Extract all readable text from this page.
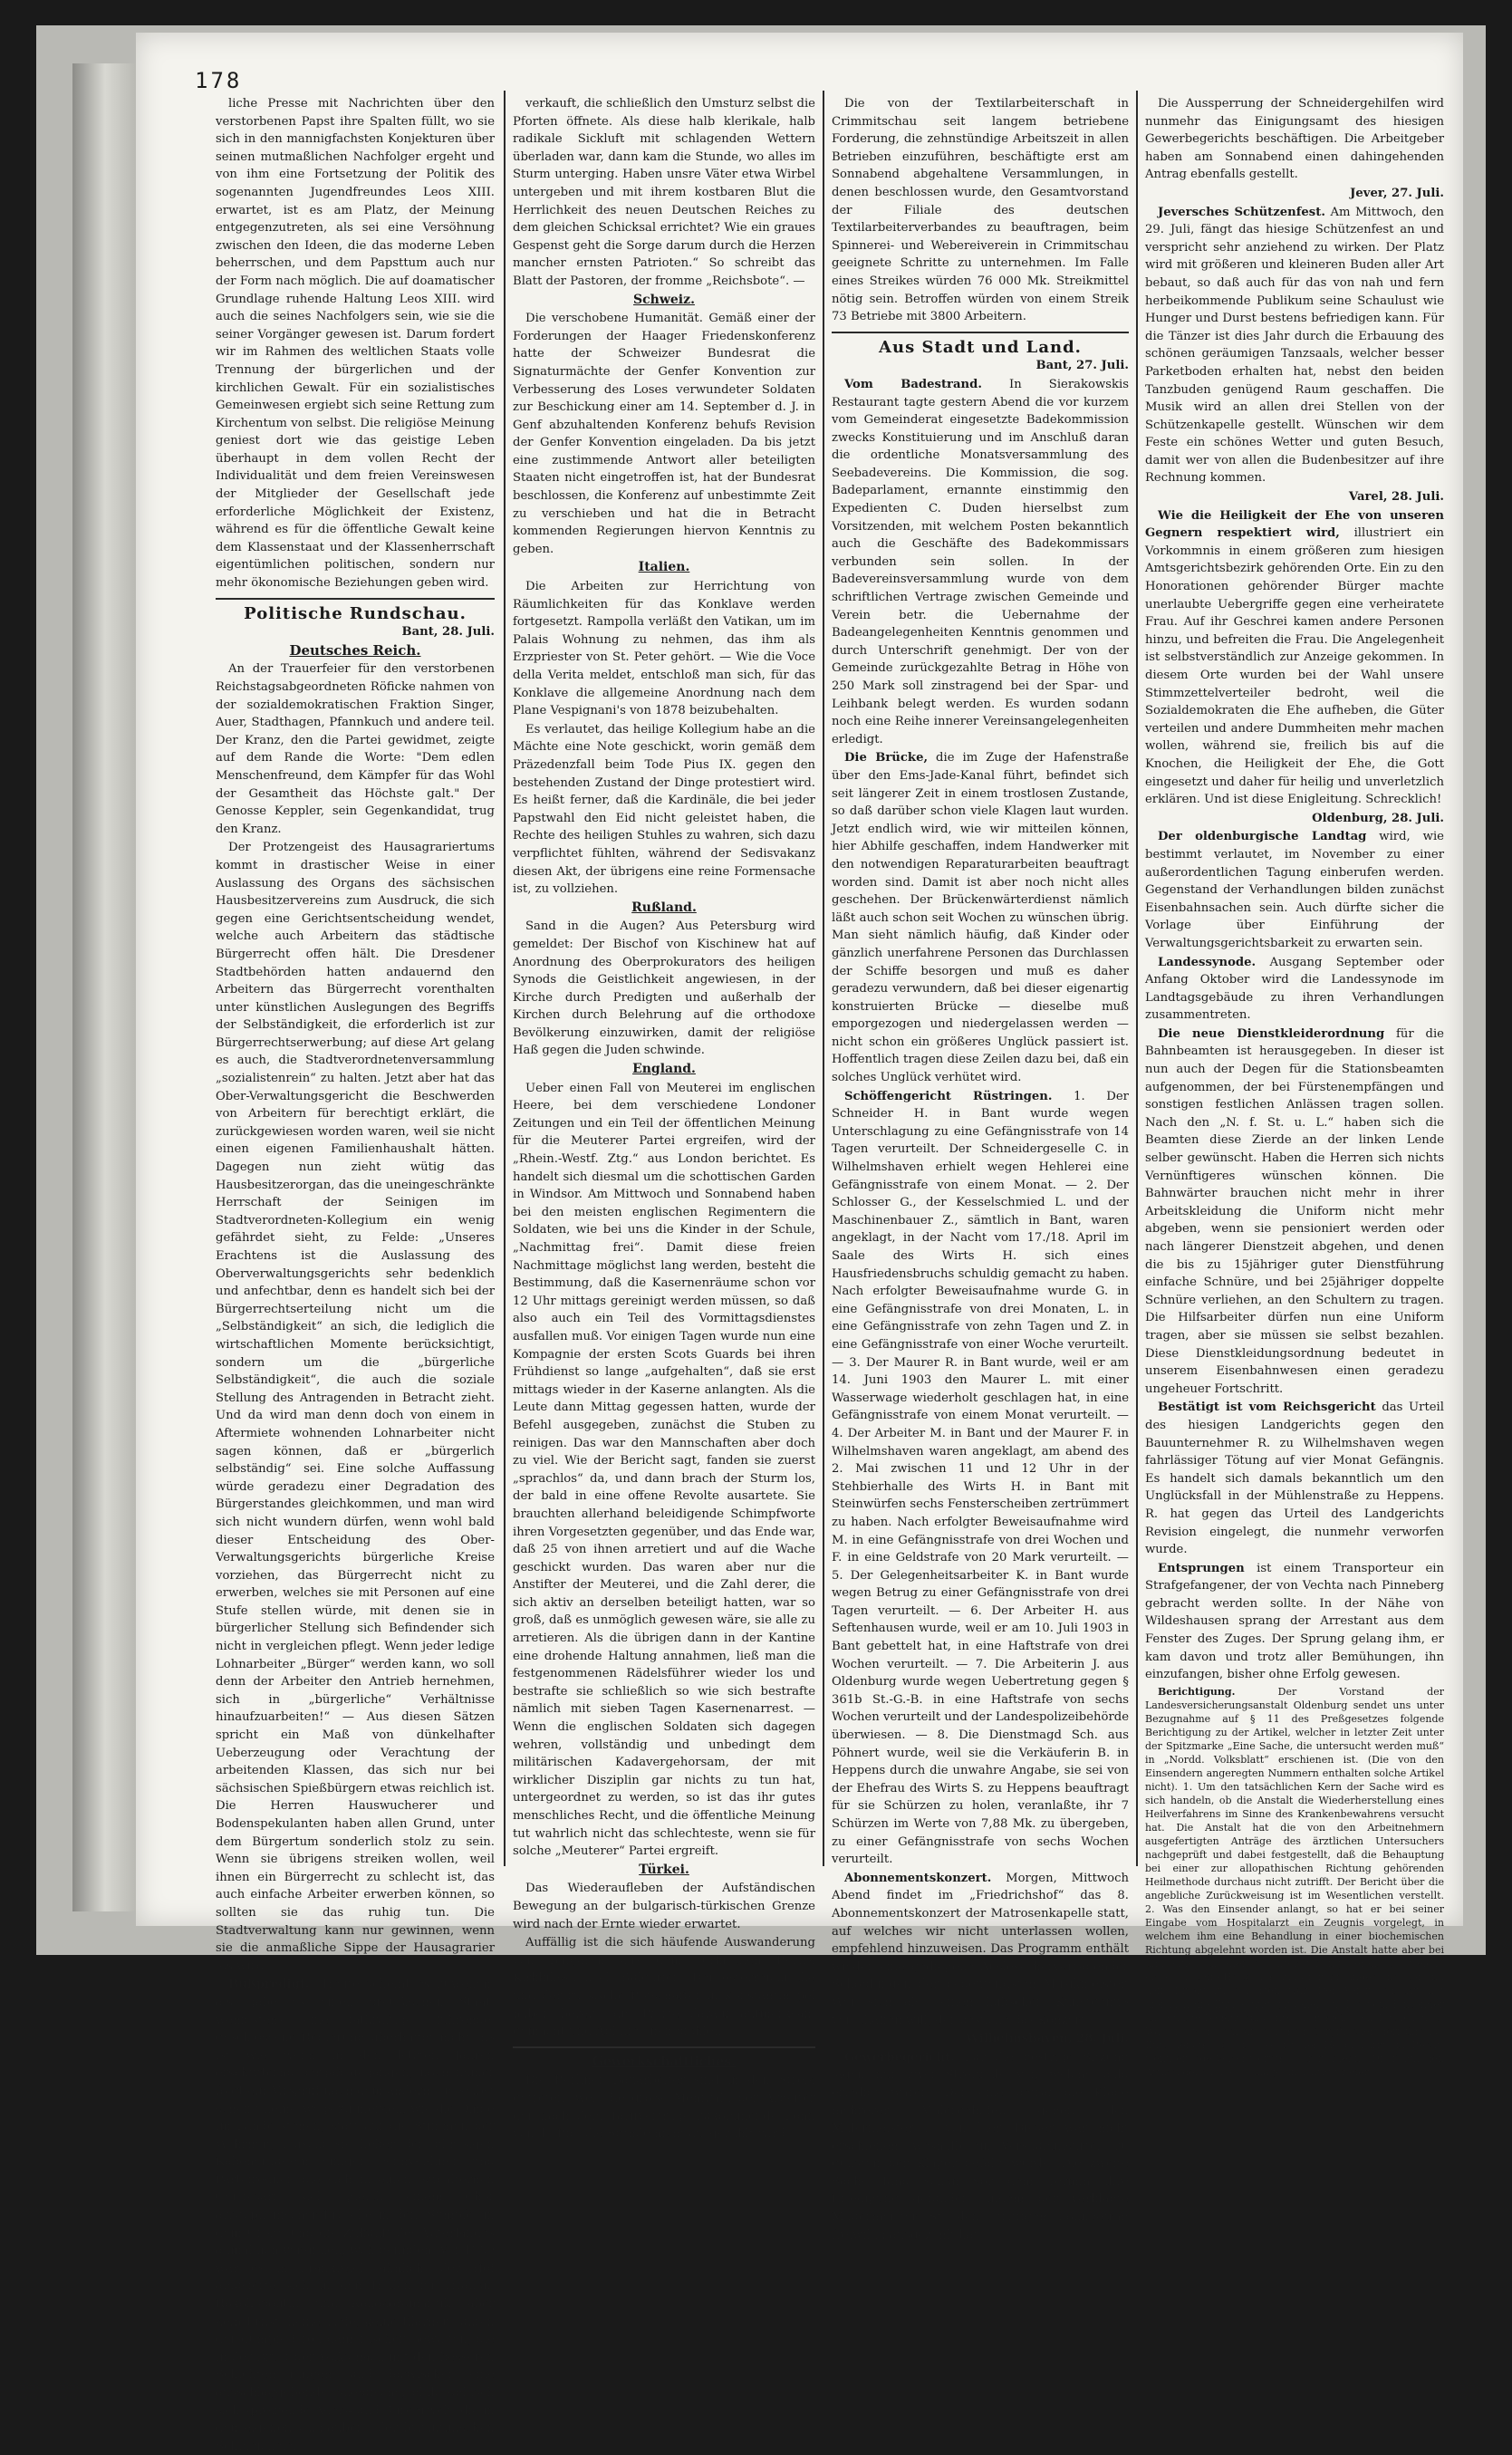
178

liche Presse mit Nachrichten über den verstorbenen Papst ihre Spalten füllt, wo sie sich in den mannigfachsten Konjekturen über seinen mutmaßlichen Nachfolger ergeht und von ihm eine Fortsetzung der Politik des sogenannten Jugendfreundes Leos XIII. erwartet, ist es am Platz, der Meinung entgegenzutreten, als sei eine Versöhnung zwischen den Ideen, die das moderne Leben beherrschen, und dem Papsttum auch nur der Form nach möglich. Die auf doamatischer Grundlage ruhende Haltung Leos XIII. wird auch die seines Nachfolgers sein, wie sie die seiner Vorgänger gewesen ist. Darum fordert wir im Rahmen des weltlichen Staats volle Trennung der bürgerlichen und der kirchlichen Gewalt. Für ein sozialistisches Gemeinwesen ergiebt sich seine Rettung zum Kirchentum von selbst. Die religiöse Meinung geniest dort wie das geistige Leben überhaupt in dem vollen Recht der Individualität und dem freien Vereinswesen der Mitglieder der Gesellschaft jede erforderliche Möglichkeit der Existenz, während es für die öffentliche Gewalt keine dem Klassenstaat und der Klassenherrschaft eigentümlichen politischen, sondern nur mehr ökonomische Beziehungen geben wird.

Politische Rundschau.

Bant, 28. Juli.

Deutsches Reich.

An der Trauerfeier für den verstorbenen Reichstagsabgeordneten Röficke nahmen von der sozialdemokratischen Fraktion Singer, Auer, Stadthagen, Pfannkuch und andere teil. Der Kranz, den die Partei gewidmet, zeigte auf dem Rande die Worte: "Dem edlen Menschenfreund, dem Kämpfer für das Wohl der Gesamtheit das Höchste galt." Der Genosse Keppler, sein Gegenkandidat, trug den Kranz.

Der Protzengeist des Hausagrariertums kommt in drastischer Weise in einer Auslassung des Organs des sächsischen Hausbesitzervereins zum Ausdruck, die sich gegen eine Gerichtsentscheidung wendet, welche auch Arbeitern das städtische Bürgerrecht offen hält. Die Dresdener Stadtbehörden hatten andauernd den Arbeitern das Bürgerrecht vorenthalten unter künstlichen Auslegungen des Begriffs der Selbständigkeit, die erforderlich ist zur Bürgerrechtserwerbung; auf diese Art gelang es auch, die Stadtverordnetenversammlung „sozialistenrein“ zu halten. Jetzt aber hat das Ober-Verwaltungsgericht die Beschwerden von Arbeitern für berechtigt erklärt, die zurückgewiesen worden waren, weil sie nicht einen eigenen Familienhaushalt hätten. Dagegen nun zieht wütig das Hausbesitzerorgan, das die uneingeschränkte Herrschaft der Seinigen im Stadtverordneten-Kollegium ein wenig gefährdet sieht, zu Felde: „Unseres Erachtens ist die Auslassung des Oberverwaltungsgerichts sehr bedenklich und anfechtbar, denn es handelt sich bei der Bürgerrechtserteilung nicht um die „Selbständigkeit“ an sich, die lediglich die wirtschaftlichen Momente berücksichtigt, sondern um die „bürgerliche Selbständigkeit“, die auch die soziale Stellung des Antragenden in Betracht zieht. Und da wird man denn doch von einem in Aftermiete wohnenden Lohnarbeiter nicht sagen können, daß er „bürgerlich selbständig“ sei. Eine solche Auffassung würde geradezu einer Degradation des Bürgerstandes gleichkommen, und man wird sich nicht wundern dürfen, wenn wohl bald dieser Entscheidung des Ober-Verwaltungsgerichts bürgerliche Kreise vorziehen, das Bürgerrecht nicht zu erwerben, welches sie mit Personen auf eine Stufe stellen würde, mit denen sie in bürgerlicher Stellung sich Befindender sich nicht in vergleichen pflegt. Wenn jeder ledige Lohnarbeiter „Bürger“ werden kann, wo soll denn der Arbeiter den Antrieb hernehmen, sich in „bürgerliche“ Verhältnisse hinaufzuarbeiten!“ — Aus diesen Sätzen spricht ein Maß von dünkelhafter Ueberzeugung oder Verachtung der arbeitenden Klassen, das sich nur bei sächsischen Spießbürgern etwas reichlich ist. Die Herren Hauswucherer und Bodenspekulanten haben allen Grund, unter dem Bürgertum sonderlich stolz zu sein. Wenn sie übrigens streiken wollen, weil ihnen ein Bürgerrecht zu schlecht ist, das auch einfache Arbeiter erwerben können, so sollten sie das ruhig tun. Die Stadtverwaltung kann nur gewinnen, wenn sie die anmaßliche Sippe der Hausagrarier los wird.

Bußpredigt. „Heute scheint es zuweilen, als gäbe es einen preußischen Staat, wenigstens eine tatkräftige, führende, geschlossene Regierung überhaupt nicht. Es ist wie wenn in den letzten Jahren erschütternd bergab gegangen; noch immer folgt ein Mißgriff nach dem andern; sie selbst scheint keineswegs zu merken, wie die Dinge im Lande stehen; statt auf die Stimmen der Wahrheit, lauscht sie lieber den phrasigen Kabeneraüssen einiger Penny-a-liner und Parteiredner, die sich in einem subalternen Geistesart sich gleich einem Chor aristophanischer Frösche in dem Sumpfe, in dem Größe und die Zukunft des Vaterlandes allmählich versinken, wohlbefinden. Vor 1789 war es in Frankreich ähnlich: der Hof amüsierte sich in den Hallen zu Trianon, Rokokopolitik, und Rokokoromantik, aber kein Ernst, keine Tiefe, keine Klarheit, unten der dumpfe Groll dämonischer Gewalten, die in der Brust der Volks nach mit den besseren Schichten rangen, und dazwischen eine ausschlaggebende, skeptische, philosophisch sich spreizende Adels- und Bürgerwelt, die in den eigenen Unglauben oder byzantinischen Schmeichelei

verkauft, die schließlich den Umsturz selbst die Pforten öffnete. Als diese halb klerikale, halb radikale Sickluft mit schlagenden Wettern überladen war, dann kam die Stunde, wo alles im Sturm unterging. Haben unsre Väter etwa Wirbel untergeben und mit ihrem kostbaren Blut die Herrlichkeit des neuen Deutschen Reiches zu dem gleichen Schicksal errichtet? Wie ein graues Gespenst geht die Sorge darum durch die Herzen mancher ernsten Patrioten.“ So schreibt das Blatt der Pastoren, der fromme „Reichsbote“. —

Schweiz.

Die verschobene Humanität. Gemäß einer der Forderungen der Haager Friedenskonferenz hatte der Schweizer Bundesrat die Signaturmächte der Genfer Konvention zur Verbesserung des Loses verwundeter Soldaten zur Beschickung einer am 14. September d. J. in Genf abzuhaltenden Konferenz behufs Revision der Genfer Konvention eingeladen. Da bis jetzt eine zustimmende Antwort aller beteiligten Staaten nicht eingetroffen ist, hat der Bundesrat beschlossen, die Konferenz auf unbestimmte Zeit zu verschieben und hat die in Betracht kommenden Regierungen hiervon Kenntnis zu geben.

Italien.

Die Arbeiten zur Herrichtung von Räumlichkeiten für das Konklave werden fortgesetzt. Rampolla verläßt den Vatikan, um im Palais Wohnung zu nehmen, das ihm als Erzpriester von St. Peter gehört. — Wie die Voce della Verita meldet, entschloß man sich, für das Konklave die allgemeine Anordnung nach dem Plane Vespignani's von 1878 beizubehalten.

Es verlautet, das heilige Kollegium habe an die Mächte eine Note geschickt, worin gemäß dem Präzedenzfall beim Tode Pius IX. gegen den bestehenden Zustand der Dinge protestiert wird. Es heißt ferner, daß die Kardinäle, die bei jeder Papstwahl den Eid nicht geleistet haben, die Rechte des heiligen Stuhles zu wahren, sich dazu verpflichtet fühlten, während der Sedisvakanz diesen Akt, der übrigens eine reine Formensache ist, zu vollziehen.

Rußland.

Sand in die Augen? Aus Petersburg wird gemeldet: Der Bischof von Kischinew hat auf Anordnung des Oberprokurators des heiligen Synods die Geistlichkeit angewiesen, in der Kirche durch Predigten und außerhalb der Kirchen durch Belehrung auf die orthodoxe Bevölkerung einzuwirken, damit der religiöse Haß gegen die Juden schwinde.

England.

Ueber einen Fall von Meuterei im englischen Heere, bei dem verschiedene Londoner Zeitungen und ein Teil der öffentlichen Meinung für die Meuterer Partei ergreifen, wird der „Rhein.-Westf. Ztg.“ aus London berichtet. Es handelt sich diesmal um die schottischen Garden in Windsor. Am Mittwoch und Sonnabend haben bei den meisten englischen Regimentern die Soldaten, wie bei uns die Kinder in der Schule, „Nachmittag frei“. Damit diese freien Nachmittage möglichst lang werden, besteht die Bestimmung, daß die Kasernenräume schon vor 12 Uhr mittags gereinigt werden müssen, so daß also auch ein Teil des Vormittagsdienstes ausfallen muß. Vor einigen Tagen wurde nun eine Kompagnie der ersten Scots Guards bei ihren Frühdienst so lange „aufgehalten“, daß sie erst mittags wieder in der Kaserne anlangten. Als die Leute dann Mittag gegessen hatten, wurde der Befehl ausgegeben, zunächst die Stuben zu reinigen. Das war den Mannschaften aber doch zu viel. Wie der Bericht sagt, fanden sie zuerst „sprachlos“ da, und dann brach der Sturm los, der bald in eine offene Revolte ausartete. Sie brauchten allerhand beleidigende Schimpfworte ihren Vorgesetzten gegenüber, und das Ende war, daß 25 von ihnen arretiert und auf die Wache geschickt wurden. Das waren aber nur die Anstifter der Meuterei, und die Zahl derer, die sich aktiv an derselben beteiligt hatten, war so groß, daß es unmöglich gewesen wäre, sie alle zu arretieren. Als die übrigen dann in der Kantine eine drohende Haltung annahmen, ließ man die festgenommenen Rädelsführer wieder los und bestrafte sie schließlich so wie sich bestrafte nämlich mit sieben Tagen Kasernenarrest. — Wenn die englischen Soldaten sich dagegen wehren, vollständig und unbedingt dem militärischen Kadavergehorsam, der mit wirklicher Disziplin gar nichts zu tun hat, untergeordnet zu werden, so ist das ihr gutes menschliches Recht, und die öffentliche Meinung tut wahrlich nicht das schlechteste, wenn sie für solche „Meuterer“ Partei ergreift.

Türkei.

Das Wiederaufleben der Aufständischen Bewegung an der bulgarisch-türkischen Grenze wird nach der Ernte wieder erwartet.

Auffällig ist die sich häufende Auswanderung von Bulgaren aus dem türkischen Bezirk Kirkkilissa nach Bulgarien. Der österreichische und der russische Botschafter in Konstantinopel haben bereits die Pforte darauf aufmerksam gemacht und Abhilfe anempfohlen.

Gewerkschaftliches.

Die Berliner Bauarbeiter sind in den Streik getreten, weil die große Mehrzahl der Arbeiter der nach dem Tarifvertrage zukommende Lohn von 45 Pfg. die Stunde nicht ausgezahlt wird.

Die von der Textilarbeiterschaft in Crimmitschau seit langem betriebene Forderung, die zehnstündige Arbeitszeit in allen Betrieben einzuführen, beschäftigte erst am Sonnabend abgehaltene Versammlungen, in denen beschlossen wurde, den Gesamtvorstand der Filiale des deutschen Textilarbeiterverbandes zu beauftragen, beim Spinnerei- und Webereiverein in Crimmitschau geeignete Schritte zu unternehmen. Im Falle eines Streikes würden 76 000 Mk. Streikmittel nötig sein. Betroffen würden von einem Streik 73 Betriebe mit 3800 Arbeitern.

Aus Stadt und Land.

Bant, 27. Juli.

Vom Badestrand. In Sierakowskis Restaurant tagte gestern Abend die vor kurzem vom Gemeinderat eingesetzte Badekommission zwecks Konstituierung und im Anschluß daran die ordentliche Monatsversammlung des Seebadevereins. Die Kommission, die sog. Badeparlament, ernannte einstimmig den Expedienten C. Duden hierselbst zum Vorsitzenden, mit welchem Posten bekanntlich auch die Geschäfte des Badekommissars verbunden sein sollen. In der Badevereinsversammlung wurde von dem schriftlichen Vertrage zwischen Gemeinde und Verein betr. die Uebernahme der Badeangelegenheiten Kenntnis genommen und durch Unterschrift genehmigt. Der von der Gemeinde zurückgezahlte Betrag in Höhe von 250 Mark soll zinstragend bei der Spar- und Leihbank belegt werden. Es wurden sodann noch eine Reihe innerer Vereinsangelegenheiten erledigt.

Die Brücke, die im Zuge der Hafenstraße über den Ems-Jade-Kanal führt, befindet sich seit längerer Zeit in einem trostlosen Zustande, so daß darüber schon viele Klagen laut wurden. Jetzt endlich wird, wie wir mitteilen können, hier Abhilfe geschaffen, indem Handwerker mit den notwendigen Reparaturarbeiten beauftragt worden sind. Damit ist aber noch nicht alles geschehen. Der Brückenwärterdienst nämlich läßt auch schon seit Wochen zu wünschen übrig. Man sieht nämlich häufig, daß Kinder oder gänzlich unerfahrene Personen das Durchlassen der Schiffe besorgen und muß es daher geradezu verwundern, daß bei dieser eigenartig konstruierten Brücke — dieselbe muß emporgezogen und niedergelassen werden — nicht schon ein größeres Unglück passiert ist. Hoffentlich tragen diese Zeilen dazu bei, daß ein solches Unglück verhütet wird.

Schöffengericht Rüstringen. 1. Der Schneider H. in Bant wurde wegen Unterschlagung zu eine Gefängnisstrafe von 14 Tagen verurteilt. Der Schneidergeselle C. in Wilhelmshaven erhielt wegen Hehlerei eine Gefängnisstrafe von einem Monat. — 2. Der Schlosser G., der Kesselschmied L. und der Maschinenbauer Z., sämtlich in Bant, waren angeklagt, in der Nacht vom 17./18. April im Saale des Wirts H. sich eines Hausfriedensbruchs schuldig gemacht zu haben. Nach erfolgter Beweisaufnahme wurde G. in eine Gefängnisstrafe von drei Monaten, L. in eine Gefängnisstrafe von zehn Tagen und Z. in eine Gefängnisstrafe von einer Woche verurteilt. — 3. Der Maurer R. in Bant wurde, weil er am 14. Juni 1903 den Maurer L. mit einer Wasserwage wiederholt geschlagen hat, in eine Gefängnisstrafe von einem Monat verurteilt. — 4. Der Arbeiter M. in Bant und der Maurer F. in Wilhelmshaven waren angeklagt, am abend des 2. Mai zwischen 11 und 12 Uhr in der Stehbierhalle des Wirts H. in Bant mit Steinwürfen sechs Fensterscheiben zertrümmert zu haben. Nach erfolgter Beweisaufnahme wird M. in eine Gefängnisstrafe von drei Wochen und F. in eine Geldstrafe von 20 Mark verurteilt. — 5. Der Gelegenheitsarbeiter K. in Bant wurde wegen Betrug zu einer Gefängnisstrafe von drei Tagen verurteilt. — 6. Der Arbeiter H. aus Seftenhausen wurde, weil er am 10. Juli 1903 in Bant gebettelt hat, in eine Haftstrafe von drei Wochen verurteilt. — 7. Die Arbeiterin J. aus Oldenburg wurde wegen Uebertretung gegen § 361b St.-G.-B. in eine Haftstrafe von sechs Wochen verurteilt und der Landespolizeibehörde überwiesen. — 8. Die Dienstmagd Sch. aus Pöhnert wurde, weil sie die Verkäuferin B. in Heppens durch die unwahre Angabe, sie sei von der Ehefrau des Wirts S. zu Heppens beauftragt für sie Schürzen zu holen, veranlaßte, ihr 7 Schürzen im Werte von 7,88 Mk. zu übergeben, zu einer Gefängnisstrafe von sechs Wochen verurteilt.

Abonnementskonzert. Morgen, Mittwoch Abend findet im „Friedrichshof“ das 8. Abonnementskonzert der Matrosenkapelle statt, auf welches wir nicht unterlassen wollen, empfehlend hinzuweisen. Das Programm enthält wieder eine gediegene Auslese hervorragender Schöpfungen der bedeutendsten Musikmeister. Wer sich also einen hübschen Kunstgenuß verschaffen will, der besuche das Konzert.

Wilhelmshaven, 28. Juli.

Gewerbegericht. Für die gestrige Sitzung lagen nur zwei Streitfälle vor, welche bald erledigt waren. Der eine betraf die Klage mehrerer Malergehilfen gegen den Malermeister F. von hier. Dieser war nicht erschienen, weshalb ein Versäumnisurteil zu gunsten der Kläger gefällt wurde. Die zweite Sache fand schon vor dem Termin ihre Erledigung gefunden, indem der verklagte Mauermeister St. den strittigen Lohnbetrag freiwillig ausgezahlt hat.

Die Aussperrung der Schneidergehilfen wird nunmehr das Einigungsamt des hiesigen Gewerbegerichts beschäftigen. Die Arbeitgeber haben am Sonnabend einen dahingehenden Antrag ebenfalls gestellt.

Jever, 27. Juli.

Jeversches Schützenfest. Am Mittwoch, den 29. Juli, fängt das hiesige Schützenfest an und verspricht sehr anziehend zu wirken. Der Platz wird mit größeren und kleineren Buden aller Art bebaut, so daß auch für das von nah und fern herbeikommende Publikum seine Schaulust wie Hunger und Durst bestens befriedigen kann. Für die Tänzer ist dies Jahr durch die Erbauung des schönen geräumigen Tanzsaals, welcher besser Parketboden erhalten hat, nebst den beiden Tanzbuden genügend Raum geschaffen. Die Musik wird an allen drei Stellen von der Schützenkapelle gestellt. Wünschen wir dem Feste ein schönes Wetter und guten Besuch, damit wer von allen die Budenbesitzer auf ihre Rechnung kommen.

Varel, 28. Juli.

Wie die Heiligkeit der Ehe von unseren Gegnern respektiert wird, illustriert ein Vorkommnis in einem größeren zum hiesigen Amtsgerichtsbezirk gehörenden Orte. Ein zu den Honorationen gehörender Bürger machte unerlaubte Uebergriffe gegen eine verheiratete Frau. Auf ihr Geschrei kamen andere Personen hinzu, und befreiten die Frau. Die Angelegenheit ist selbstverständlich zur Anzeige gekommen. In diesem Orte wurden bei der Wahl unsere Stimmzettelverteiler bedroht, weil die Sozialdemokraten die Ehe aufheben, die Güter verteilen und andere Dummheiten mehr machen wollen, während sie, freilich bis auf die Knochen, die Heiligkeit der Ehe, die Gott eingesetzt und daher für heilig und unverletzlich erklären. Und ist diese Enigleitung. Schrecklich!

Oldenburg, 28. Juli.

Der oldenburgische Landtag wird, wie bestimmt verlautet, im November zu einer außerordentlichen Tagung einberufen werden. Gegenstand der Verhandlungen bilden zunächst Eisenbahnsachen sein. Auch dürfte sicher die Vorlage über Einführung der Verwaltungsgerichtsbarkeit zu erwarten sein.

Landessynode. Ausgang September oder Anfang Oktober wird die Landessynode im Landtagsgebäude zu ihren Verhandlungen zusammentreten.

Die neue Dienstkleiderordnung für die Bahnbeamten ist herausgegeben. In dieser ist nun auch der Degen für die Stationsbeamten aufgenommen, der bei Fürstenempfängen und sonstigen festlichen Anlässen tragen sollen. Nach den „N. f. St. u. L.“ haben sich die Beamten diese Zierde an der linken Lende selber gewünscht. Haben die Herren sich nichts Vernünftigeres wünschen können. Die Bahnwärter brauchen nicht mehr in ihrer Arbeitskleidung die Uniform nicht mehr abgeben, wenn sie pensioniert werden oder nach längerer Dienstzeit abgehen, und denen die bis zu 15jähriger guter Dienstführung einfache Schnüre, und bei 25jähriger doppelte Schnüre verliehen, an den Schultern zu tragen. Die Hilfsarbeiter dürfen nun eine Uniform tragen, aber sie müssen sie selbst bezahlen. Diese Dienstkleidungsordnung bedeutet in unserem Eisenbahnwesen einen geradezu ungeheuer Fortschritt.

Bestätigt ist vom Reichsgericht das Urteil des hiesigen Landgerichts gegen den Bauunternehmer R. zu Wilhelmshaven wegen fahrlässiger Tötung auf vier Monat Gefängnis. Es handelt sich damals bekanntlich um den Unglücksfall in der Mühlenstraße zu Heppens. R. hat gegen das Urteil des Landgerichts Revision eingelegt, die nunmehr verworfen wurde.

Entsprungen ist einem Transporteur ein Strafgefangener, der von Vechta nach Pinneberg gebracht werden sollte. In der Nähe von Wildeshausen sprang der Arrestant aus dem Fenster des Zuges. Der Sprung gelang ihm, er kam davon und trotz aller Bemühungen, ihn einzufangen, bisher ohne Erfolg gewesen.

Berichtigung.	Der Vorstand der Landesversicherungsanstalt Oldenburg sendet uns unter Bezugnahme auf § 11 des Preßgesetzes folgende Berichtigung zu der Artikel, welcher in letzter Zeit unter der Spitzmarke „Eine Sache, die untersucht werden muß“ in „Nordd. Volksblatt“ erschienen ist. (Die von den Einsendern angeregten Nummern enthalten solche Artikel nicht). 1. Um den tatsächlichen Kern der Sache wird es sich handeln, ob die Anstalt die Wiederherstellung eines Heilverfahrens im Sinne des Krankenbewahrens versucht hat. Die Anstalt hat die von den Arbeitnehmern ausgefertigten Anträge des ärztlichen Untersuchers nachgeprüft und dabei festgestellt, daß die Behauptung bei einer zur allopathischen Richtung gehörenden Heilmethode durchaus nicht zutrifft. Der Bericht über die angebliche Zurückweisung ist im Wesentlichen verstellt. 2. Was den Einsender anlangt, so hat er bei seiner Eingabe vom Hospitalarzt ein Zeugnis vorgelegt, in welchem ihm eine Behandlung in einer biochemischen Richtung abgelehnt worden ist. Die Anstalt hatte aber bei ihm eine eingehende Untersuchung veranlaßt, welche ergab, daß die Heilbehandlung für ihn ungeeignet sei und kein Erfolg zu erwarten war. Der Vertrauensarzt hat hiernach die Entlassung gutgeheißen. Die vom Einsender angeführte Behauptung entspricht nicht den Tatsachen. 3. Was die von dem angeblichen Kurpfuscher herrührende Entscheidung betrifft, so ist der Hospitalarzt im Recht, wenn er jede Verantwortung dafür ablehnt. Die fraglichen Artikel geben die Sachlage unrichtig wieder.
